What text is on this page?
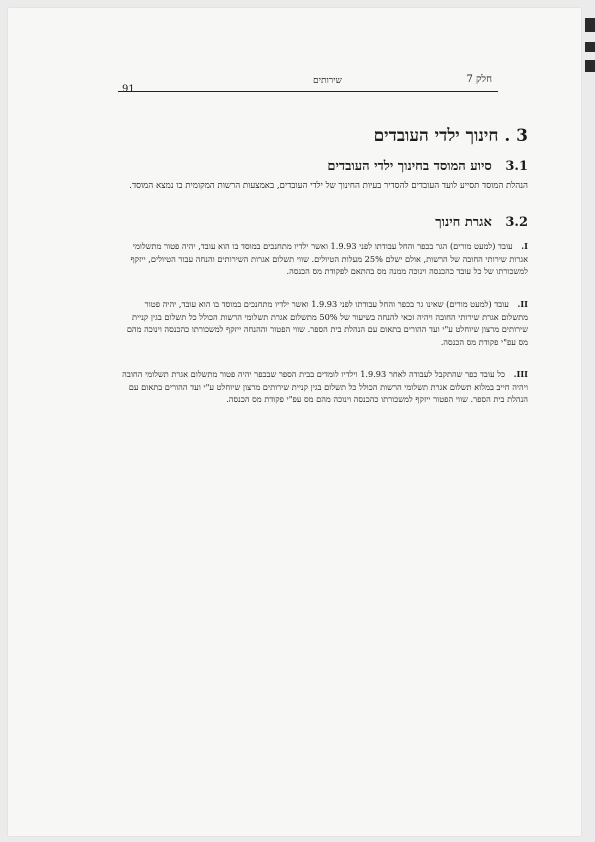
91
שירותים	חלק 7
3 . חינוך ילדי העובדים
3.1   סיוע המוסד בחינוך ילדי העובדים
הנהלת המוסד תסייע לועד העובדים להסדיר בעיות החינוך של ילדי העובדים, באמצעות הרשות המקומית בו נמצא המוסד.
3.2   אגרת חינוך
I. עובד (למעט מורים) הגר בכפר והחל עבודתו לפני 1.9.93 ואשר ילדיו מתחנכים במוסד בו הוא עובד, יהיה פטור מתשלומי אגרות שירותי החובה של הרשות, אולם ישלם 25% מעלות הטיולים. שווי תשלום אגרות השירותים והנחה עבור הטיולים, ייזקף למשכורתו של כל עובד כהכנסה וינוכה ממנה מס בהתאם לפקודת מס הכנסה.
II. עובד (למעט מורים) שאינו גר בכפר והחל עבודתו לפני 1.9.93 ואשר ילדיו מתחנכים במוסד בו הוא עובד, יהיה פטור מתשלום אגרת שירותי החובה ויהיה זכאי להנחה בשיעור של 50% מתשלום אגרת תשלומי הרשות הכולל כל תשלום בגין קניית שירותים מרצון שיוחלט ע"י ועד ההורים בתאום עם הנהלת בית הספר. שווי הפטור וההנחה ייזקף למשכורתו כהכנסה וינוכה מהם מס עפ"י פקודת מס הכנסה.
III. כל עובד כפר שהתקבל לעבודה לאחר 1.9.93 וילדיו לומדים בבית הספר שבכפר יהיה פטור מתשלום אגרת תשלומי החובה ויהיה חייב במלוא תשלום אגרת תשלומי הרשות הכולל כל תשלום בגין קניית שירותים מרצון שיוחלט ע"י ועד ההורים בתאום עם הנהלת בית הספר. שווי הפטור ייזקף למשכורתו כהכנסה וינוכה מהם מס עפ"י פקודת מס הכנסה.
